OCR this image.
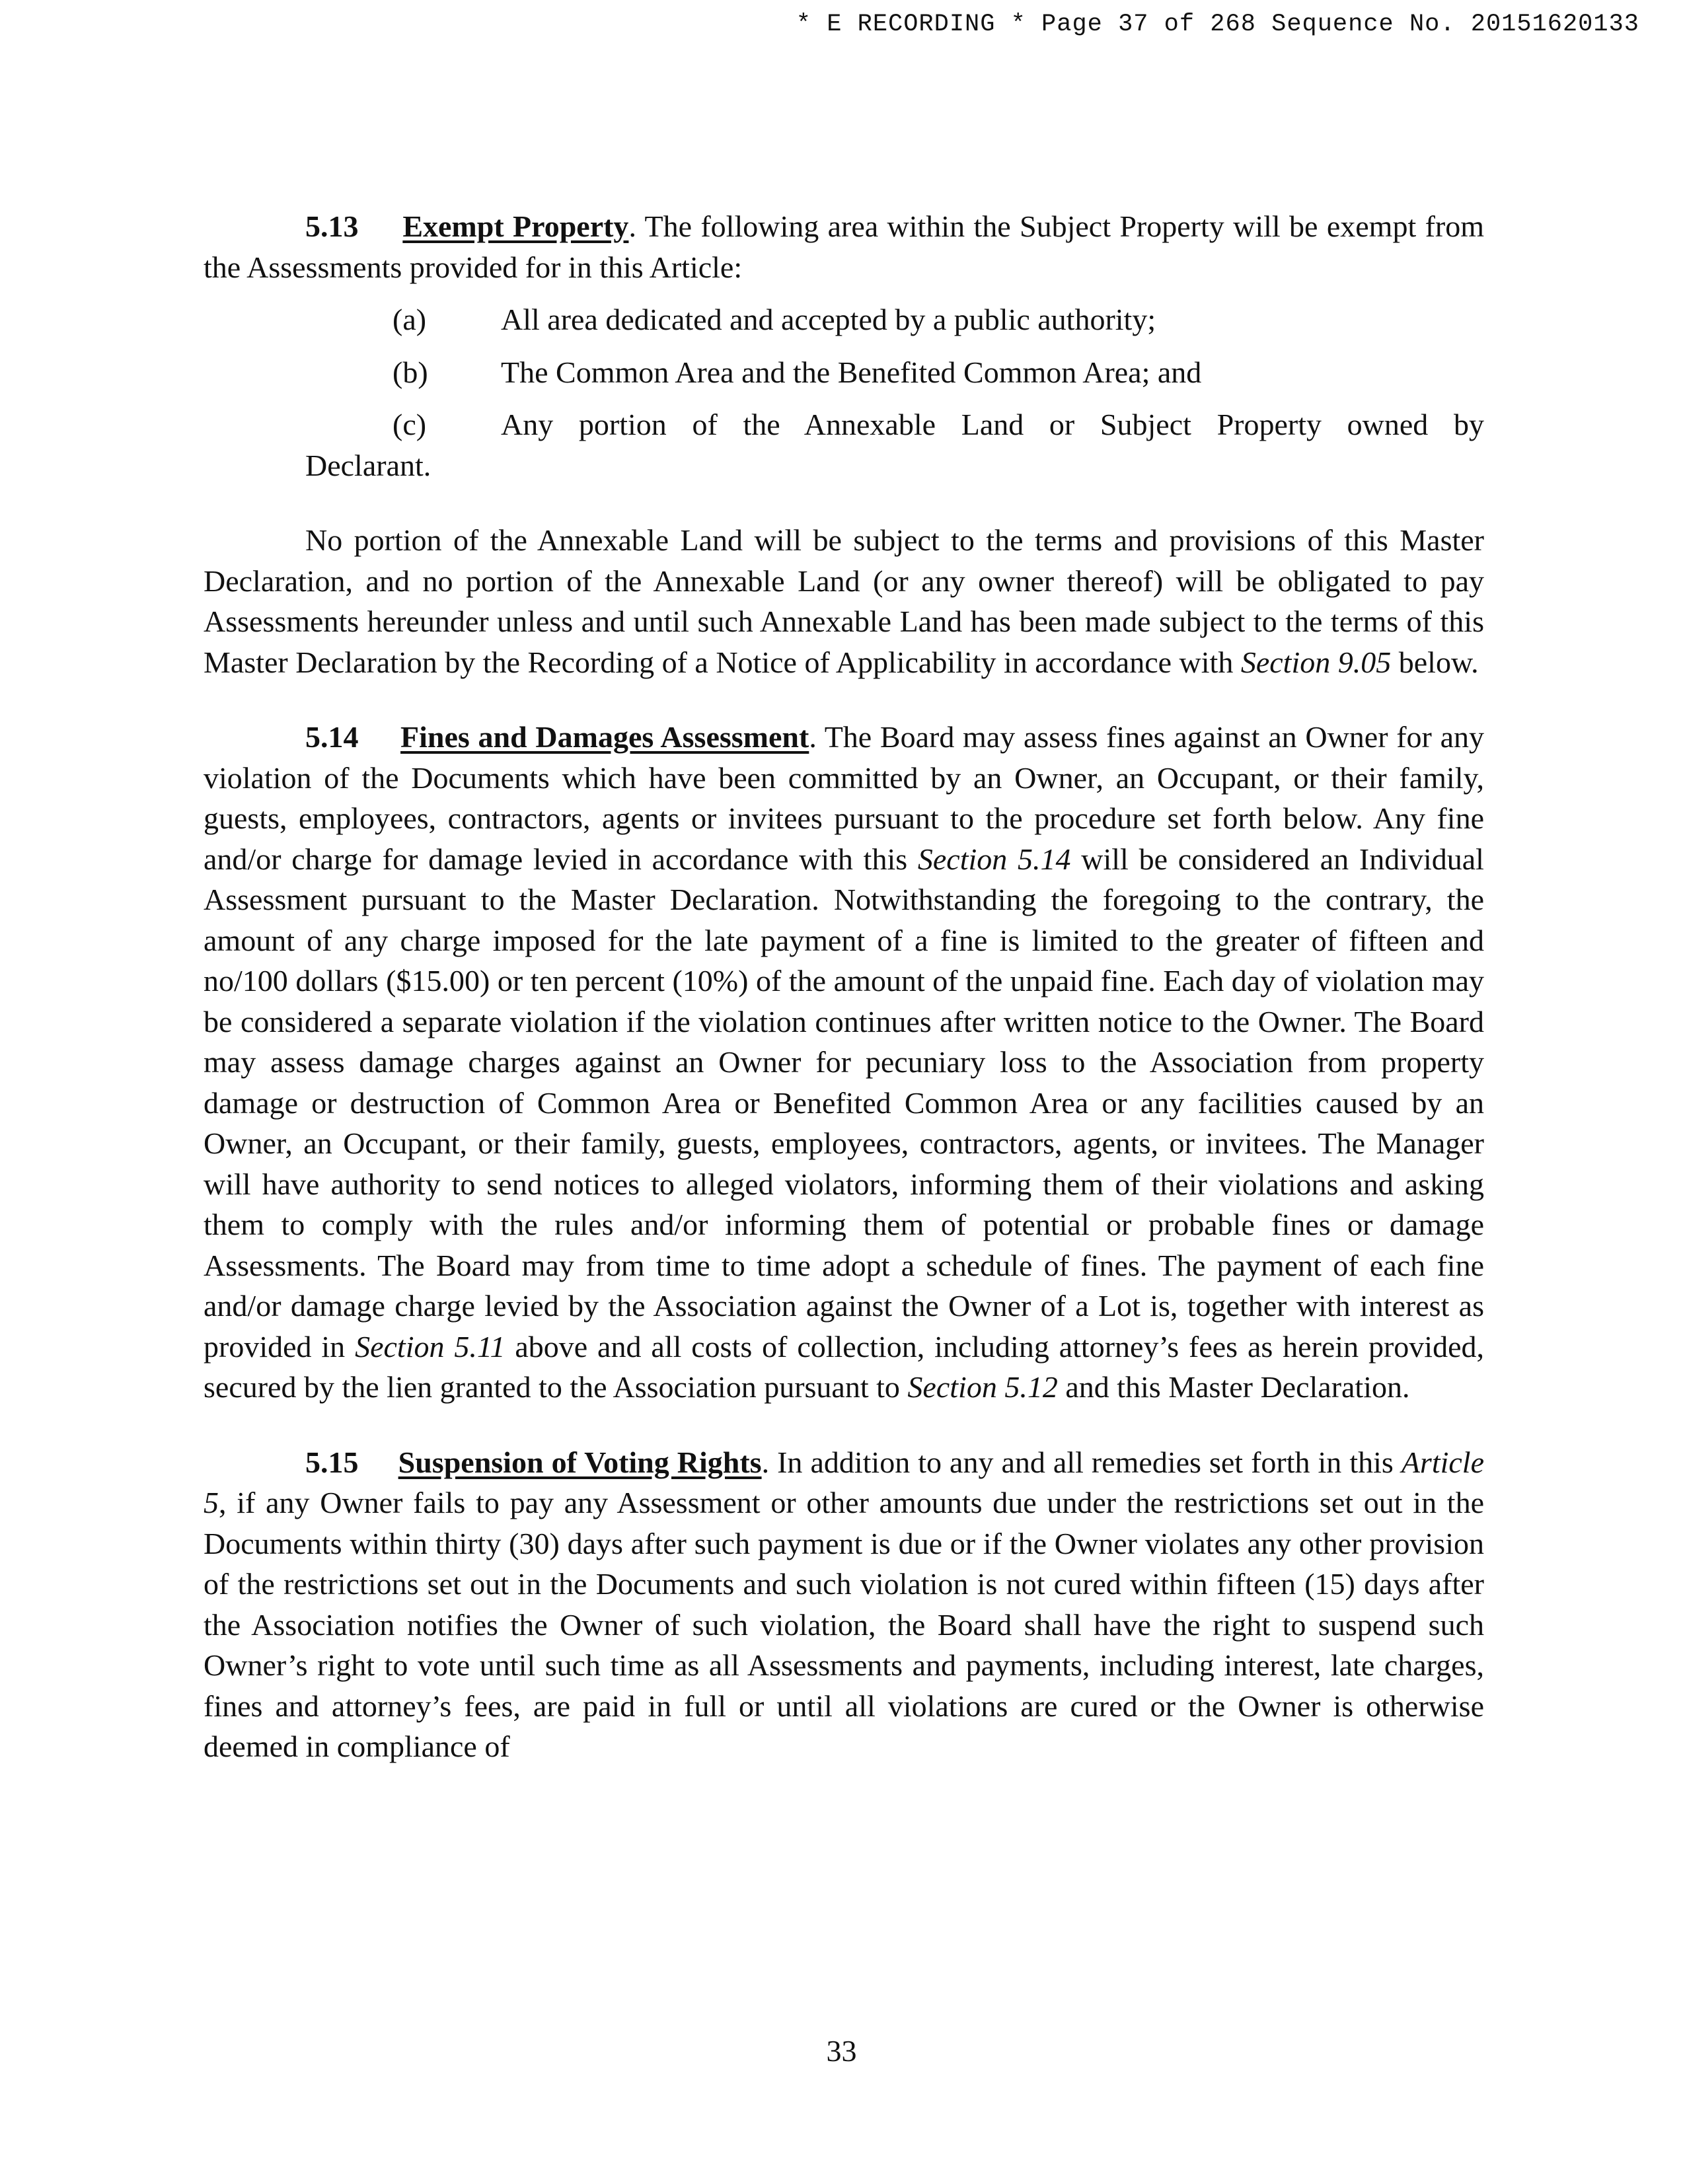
* E RECORDING * Page 37 of 268 Sequence No. 20151620133

5.13 Exempt Property. The following area within the Subject Property will be exempt from the Assessments provided for in this Article:

(a) All area dedicated and accepted by a public authority;

(b) The Common Area and the Benefited Common Area; and

(c) Any portion of the Annexable Land or Subject Property owned by

Declarant.

No portion of the Annexable Land will be subject to the terms and provisions of this Master Declaration, and no portion of the Annexable Land (or any owner thereof) will be obligated to pay Assessments hereunder unless and until such Annexable Land has been made subject to the terms of this Master Declaration by the Recording of a Notice of Applicability in accordance with Section 9.05 below.

5.14 Fines and Damages Assessment. The Board may assess fines against an Owner for any violation of the Documents which have been committed by an Owner, an Occupant, or their family, guests, employees, contractors, agents or invitees pursuant to the procedure set forth below. Any fine and/or charge for damage levied in accordance with this Section 5.14 will be considered an Individual Assessment pursuant to the Master Declaration. Notwithstanding the foregoing to the contrary, the amount of any charge imposed for the late payment of a fine is limited to the greater of fifteen and no/100 dollars ($15.00) or ten percent (10%) of the amount of the unpaid fine. Each day of violation may be considered a separate violation if the violation continues after written notice to the Owner. The Board may assess damage charges against an Owner for pecuniary loss to the Association from property damage or destruction of Common Area or Benefited Common Area or any facilities caused by an Owner, an Occupant, or their family, guests, employees, contractors, agents, or invitees. The Manager will have authority to send notices to alleged violators, informing them of their violations and asking them to comply with the rules and/or informing them of potential or probable fines or damage Assessments. The Board may from time to time adopt a schedule of fines. The payment of each fine and/or damage charge levied by the Association against the Owner of a Lot is, together with interest as provided in Section 5.11 above and all costs of collection, including attorney’s fees as herein provided, secured by the lien granted to the Association pursuant to Section 5.12 and this Master Declaration.

5.15 Suspension of Voting Rights. In addition to any and all remedies set forth in this Article 5, if any Owner fails to pay any Assessment or other amounts due under the restrictions set out in the Documents within thirty (30) days after such payment is due or if the Owner violates any other provision of the restrictions set out in the Documents and such violation is not cured within fifteen (15) days after the Association notifies the Owner of such violation, the Board shall have the right to suspend such Owner’s right to vote until such time as all Assessments and payments, including interest, late charges, fines and attorney’s fees, are paid in full or until all violations are cured or the Owner is otherwise deemed in compliance of

33
